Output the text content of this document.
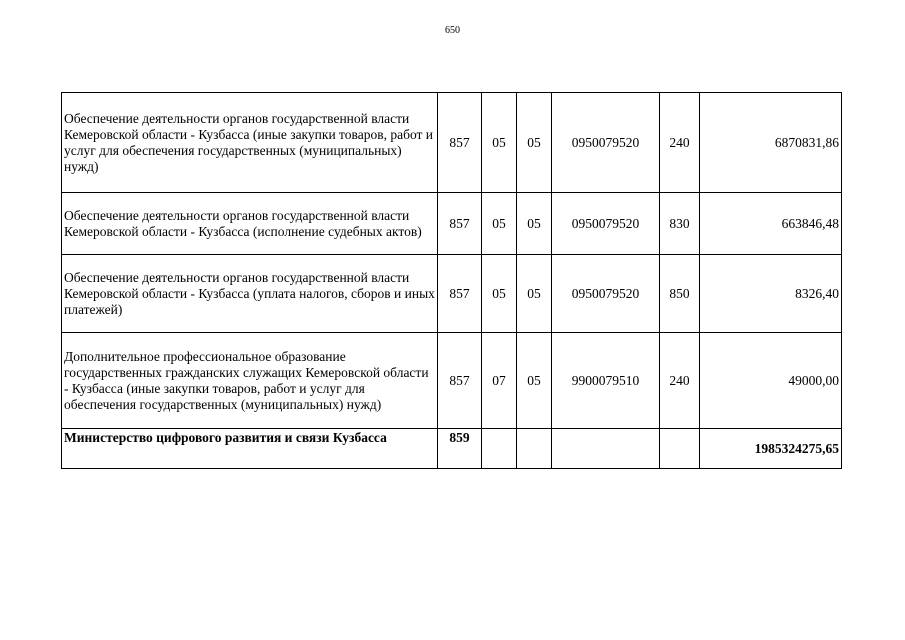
650
Обеспечение деятельности органов государственной власти Кемеровской области - Кузбасса (иные закупки товаров, работ и услуг для обеспечения государственных (муниципальных) нужд)	857	05	05	0950079520	240	6870831,86
Обеспечение деятельности органов государственной власти Кемеровской области - Кузбасса (исполнение судебных актов)	857	05	05	0950079520	830	663846,48
Обеспечение деятельности органов государственной власти Кемеровской области - Кузбасса (уплата налогов, сборов и иных платежей)	857	05	05	0950079520	850	8326,40
Дополнительное профессиональное образование государственных гражданских служащих Кемеровской области - Кузбасса (иные закупки товаров, работ и услуг для обеспечения государственных (муниципальных) нужд)	857	07	05	9900079510	240	49000,00
Министерство цифрового развития и связи Кузбасса	859					1985324275,65
